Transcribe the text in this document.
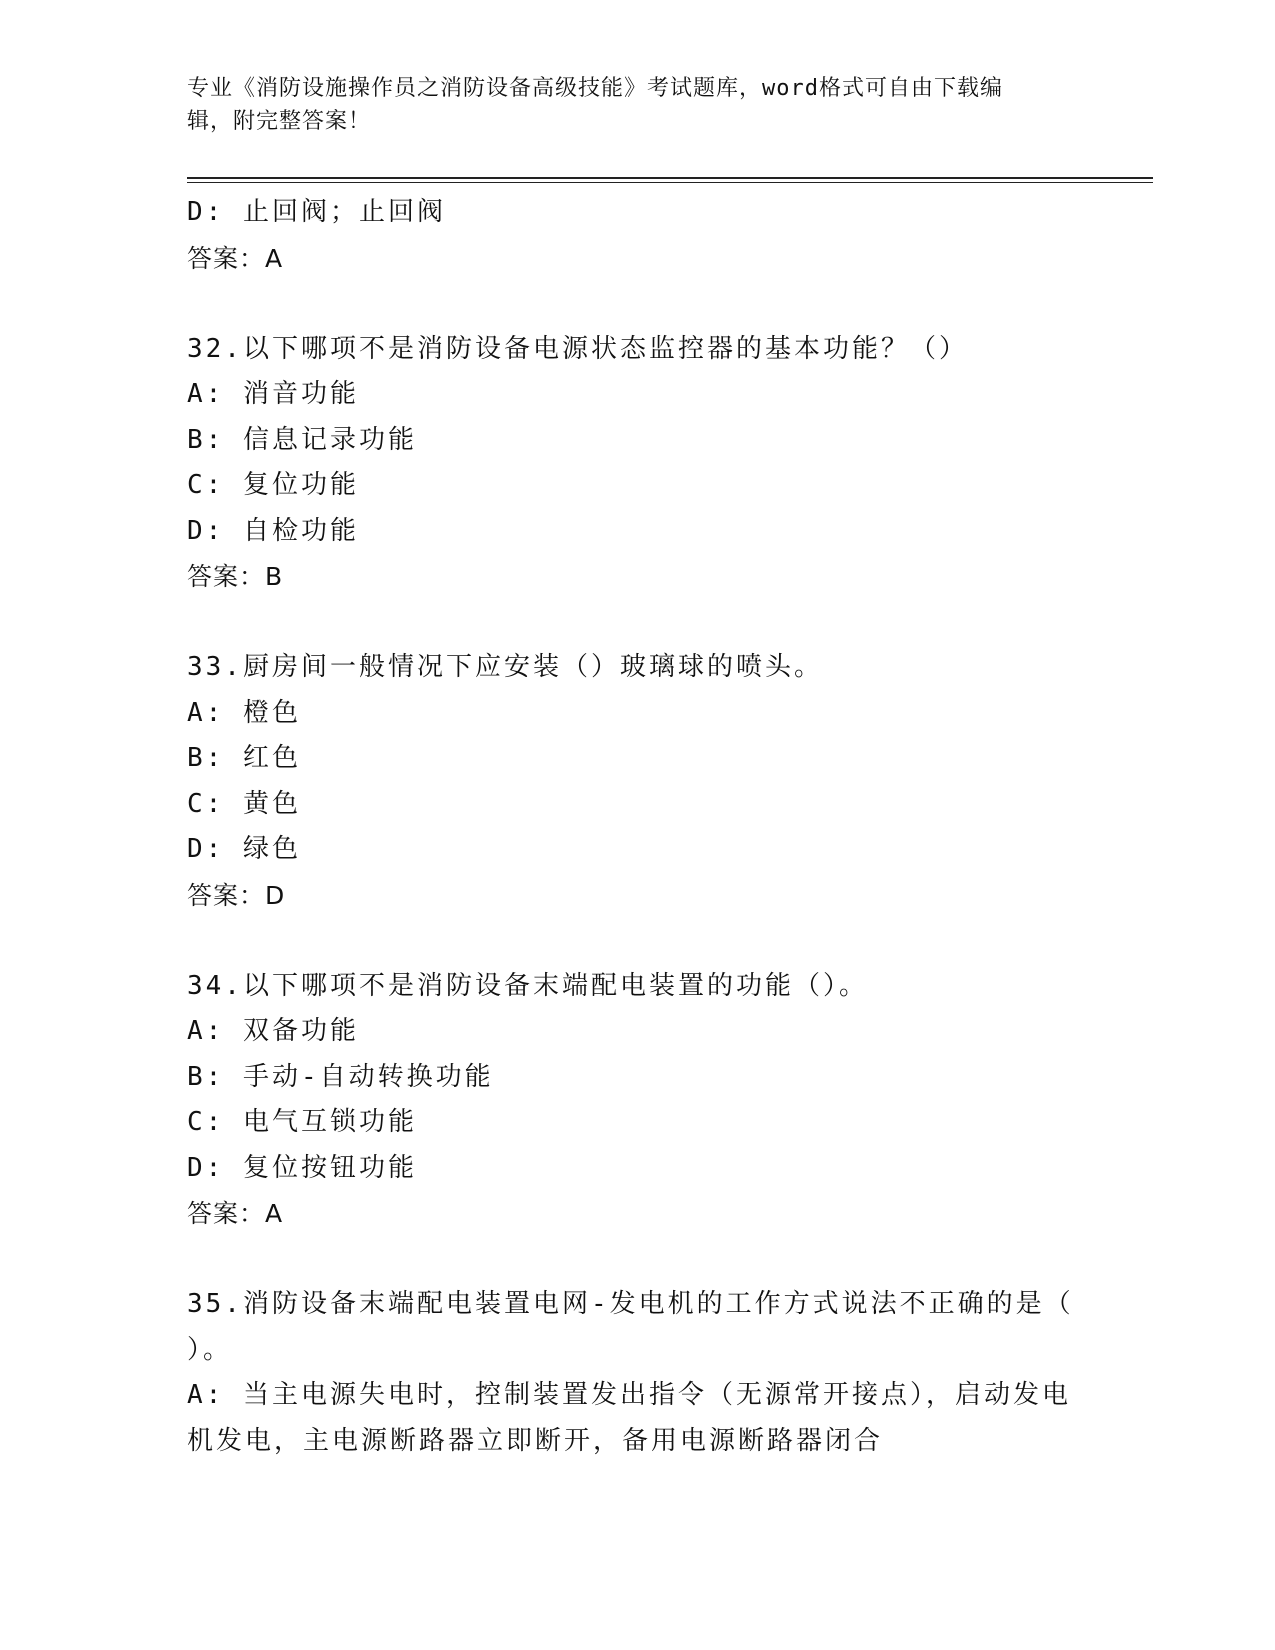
专业《消防设施操作员之消防设备高级技能》考试题库，word格式可自由下载编
辑，附完整答案！
D: 止回阀；止回阀
答案：A
32.以下哪项不是消防设备电源状态监控器的基本功能？（）
A: 消音功能
B: 信息记录功能
C: 复位功能
D: 自检功能
答案：B
33.厨房间一般情况下应安装（）玻璃球的喷头。
A: 橙色
B: 红色
C: 黄色
D: 绿色
答案：D
34.以下哪项不是消防设备末端配电装置的功能（）。
A: 双备功能
B: 手动-自动转换功能
C: 电气互锁功能
D: 复位按钮功能
答案：A
35.消防设备末端配电装置电网-发电机的工作方式说法不正确的是（
）。
A: 当主电源失电时，控制装置发出指令（无源常开接点），启动发电
机发电，主电源断路器立即断开，备用电源断路器闭合
